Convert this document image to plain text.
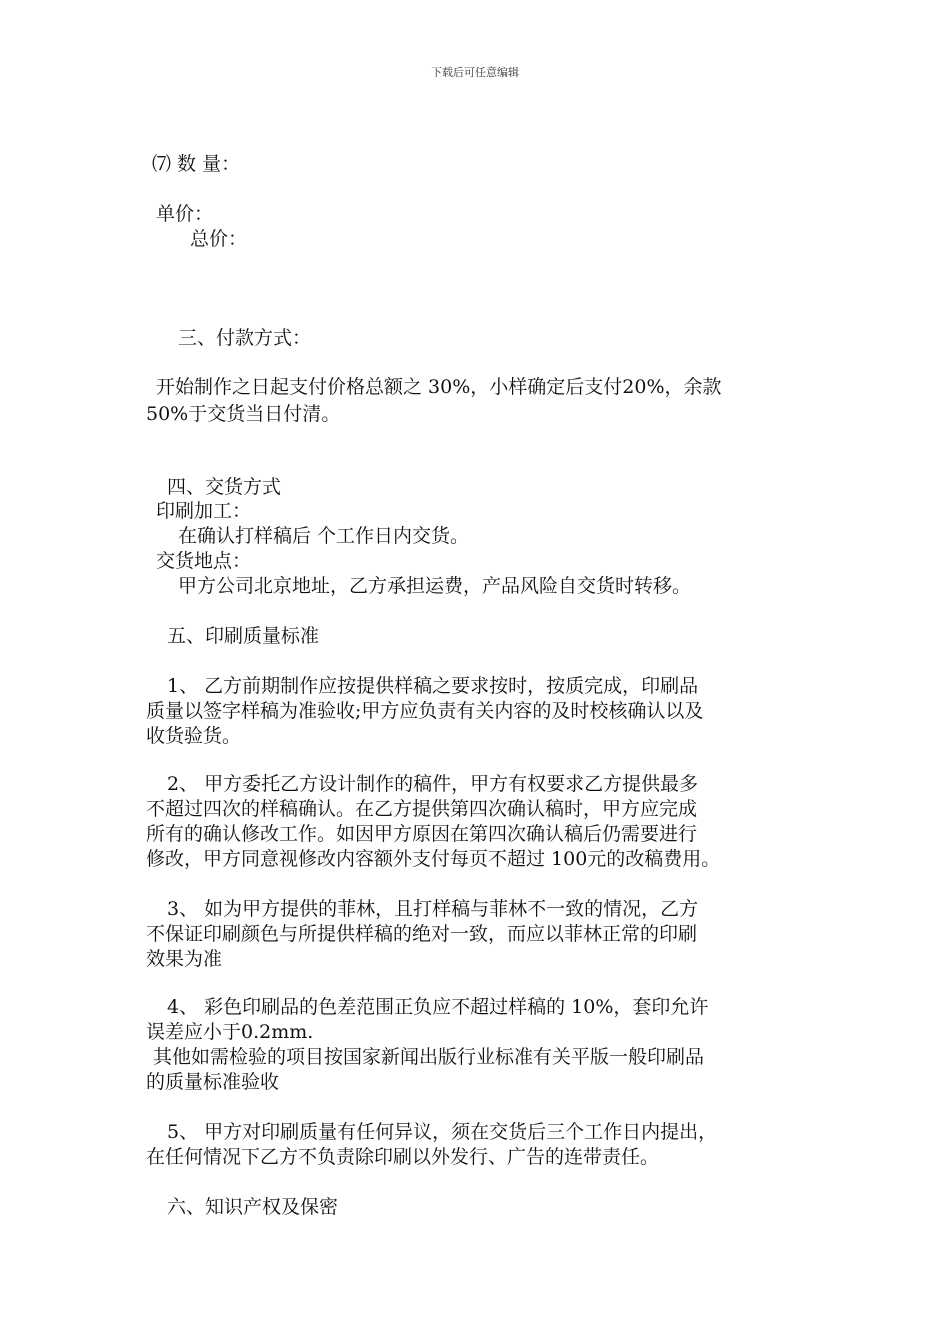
下载后可任意编辑
⑺ 数 量：
单价：
总价：
三、付款方式：
开始制作之日起支付价格总额之 30%，小样确定后支付20%，余款
50%于交货当日付清。
四、交货方式
印刷加工：
在确认打样稿后 个工作日内交货。
交货地点：
甲方公司北京地址，乙方承担运费，产品风险自交货时转移。
五、印刷质量标准
1、 乙方前期制作应按提供样稿之要求按时，按质完成，印刷品
质量以签字样稿为准验收;甲方应负责有关内容的及时校核确认以及
收货验货。
2、 甲方委托乙方设计制作的稿件，甲方有权要求乙方提供最多
不超过四次的样稿确认。在乙方提供第四次确认稿时，甲方应完成
所有的确认修改工作。如因甲方原因在第四次确认稿后仍需要进行
修改，甲方同意视修改内容额外支付每页不超过 100元的改稿费用。
3、 如为甲方提供的菲林，且打样稿与菲林不一致的情况，乙方
不保证印刷颜色与所提供样稿的绝对一致，而应以菲林正常的印刷
效果为准
4、 彩色印刷品的色差范围正负应不超过样稿的 10%，套印允许
误差应小于0.2mm.
其他如需检验的项目按国家新闻出版行业标准有关平版一般印刷品
的质量标准验收
5、 甲方对印刷质量有任何异议，须在交货后三个工作日内提出，
在任何情况下乙方不负责除印刷以外发行、广告的连带责任。
六、知识产权及保密
